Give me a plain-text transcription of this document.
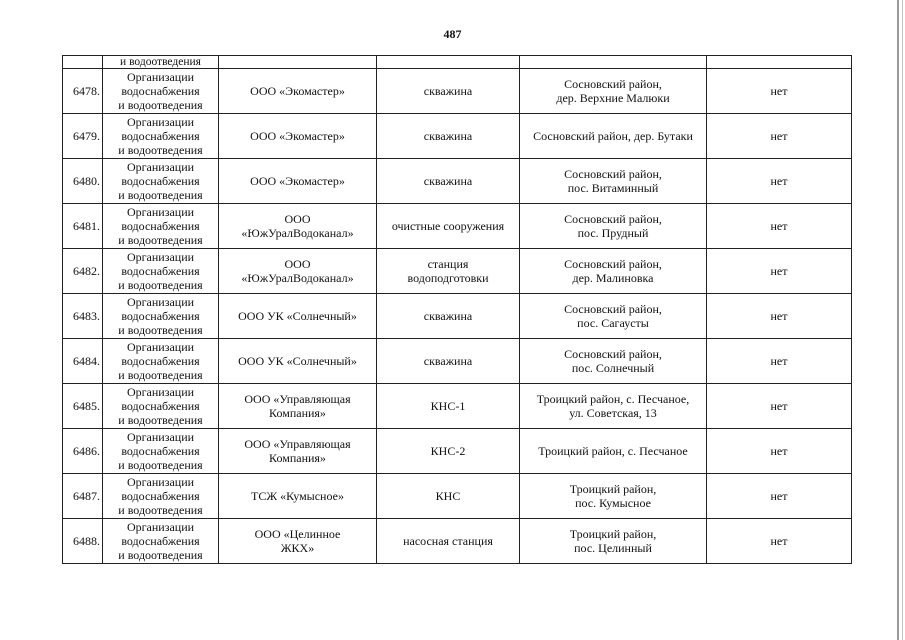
487
	и водоотведения				
6478.	Организации
водоснабжения
и водоотведения	ООО «Экомастер»	скважина	Сосновский район,
дер. Верхние Малюки	нет
6479.	Организации
водоснабжения
и водоотведения	ООО «Экомастер»	скважина	Сосновский район, дер. Бутаки	нет
6480.	Организации
водоснабжения
и водоотведения	ООО «Экомастер»	скважина	Сосновский район,
пос. Витаминный	нет
6481.	Организации
водоснабжения
и водоотведения	ООО
«ЮжУралВодоканал»	очистные сооружения	Сосновский район,
пос. Прудный	нет
6482.	Организации
водоснабжения
и водоотведения	ООО
«ЮжУралВодоканал»	станция
водоподготовки	Сосновский район,
дер. Малиновка	нет
6483.	Организации
водоснабжения
и водоотведения	ООО УК «Солнечный»	скважина	Сосновский район,
пос. Сагаусты	нет
6484.	Организации
водоснабжения
и водоотведения	ООО УК «Солнечный»	скважина	Сосновский район,
пос. Солнечный	нет
6485.	Организации
водоснабжения
и водоотведения	ООО «Управляющая
Компания»	КНС-1	Троицкий район, с. Песчаное,
ул. Советская, 13	нет
6486.	Организации
водоснабжения
и водоотведения	ООО «Управляющая
Компания»	КНС-2	Троицкий район, с. Песчаное	нет
6487.	Организации
водоснабжения
и водоотведения	ТСЖ «Кумысное»	КНС	Троицкий район,
пос. Кумысное	нет
6488.	Организации
водоснабжения
и водоотведения	ООО «Целинное
ЖКХ»	насосная станция	Троицкий район,
пос. Целинный	нет
